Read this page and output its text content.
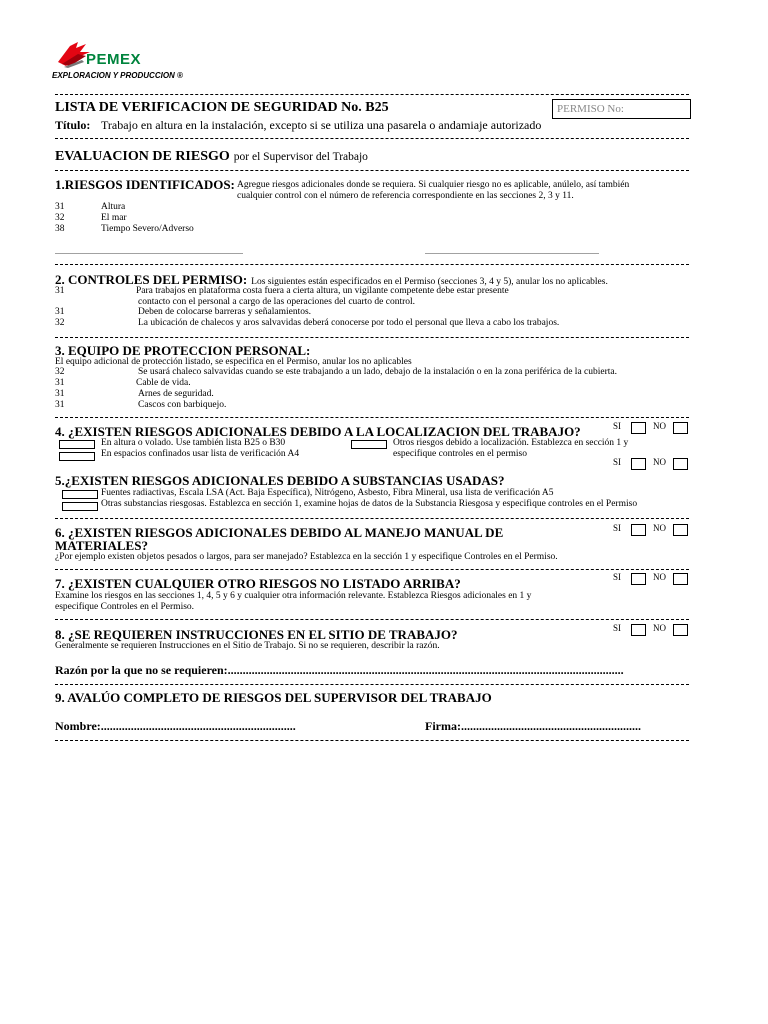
PEMEX
EXPLORACION Y PRODUCCION ®
LISTA DE VERIFICACION DE SEGURIDAD No. B25	PERMISO No:
Título: Trabajo en altura en la instalación, excepto si se utiliza una pasarela o andamiaje autorizado
EVALUACION DE RIESGO por el Supervisor del Trabajo
1.RIESGOS IDENTIFICADOS: Agregue riesgos adicionales donde se requiera. Si cualquier riesgo no es aplicable, anúlelo, así también
cualquier control con el número de referencia correspondiente en las secciones 2, 3 y 11.
31	Altura
32	El mar
38	Tiempo Severo/Adverso
..............................................................................................	.......................................................................................
2. CONTROLES DEL PERMISO: Los siguientes están especificados en el Permiso (secciones 3, 4 y 5), anular los no aplicables.
31	Para trabajos en plataforma costa fuera a cierta altura, un vigilante competente debe estar presente
contacto con el personal a cargo de las operaciones del cuarto de control.
31	Deben de colocarse barreras y señalamientos.
32	La ubicación de chalecos y aros salvavidas deberá conocerse por todo el personal que lleva a cabo los trabajos.
3. EQUIPO DE PROTECCION PERSONAL:
El equipo adicional de protección listado, se especifica en el Permiso, anular los no aplicables
32	Se usará chaleco salvavidas cuando se este trabajando a un lado, debajo de la instalación o en la zona periférica de la cubierta.
31	Cable de vida.
31	Arnes de seguridad.
31	Cascos con barbiquejo.
4. ¿EXISTEN RIESGOS ADICIONALES DEBIDO A LA LOCALIZACION DEL TRABAJO?	SI	NO
En altura o volado. Use también lista B25 o B30
En espacios confinados usar lista de verificación A4
Otros riesgos debido a localización. Establezca en sección 1 y
especifique controles en el permiso
5.¿EXISTEN RIESGOS ADICIONALES DEBIDO A SUBSTANCIAS USADAS?
SI	NO
Fuentes radiactivas, Escala LSA (Act. Baja Específica), Nitrógeno, Asbesto, Fibra Mineral, usa lista de verificación A5
Otras substancias riesgosas. Establezca en sección 1, examine hojas de datos de la Substancia Riesgosa y especifique controles en el Permiso
6. ¿EXISTEN RIESGOS ADICIONALES DEBIDO AL MANEJO MANUAL DE
MATERIALES?
SI	NO
¿Por ejemplo existen objetos pesados o largos, para ser manejado? Establezca en la sección 1 y especifique Controles en el Permiso.
7. ¿EXISTEN CUALQUIER OTRO RIESGOS NO LISTADO ARRIBA?	SI	NO
Examine los riesgos en las secciones 1, 4, 5 y 6 y cualquier otra información relevante. Establezca Riesgos adicionales en 1 y
especifique Controles en el Permiso.
8. ¿SE REQUIEREN INSTRUCCIONES EN EL SITIO DE TRABAJO?	SI	NO
Generalmente se requieren Instrucciones en el Sitio de Trabajo. Si no se requieren, describir la razón.
Razón por la que no se requieren:....................................................................................................................................
9. AVALÚO COMPLETO DE RIESGOS DEL SUPERVISOR DEL TRABAJO
Nombre:.................................................................	Firma:............................................................
